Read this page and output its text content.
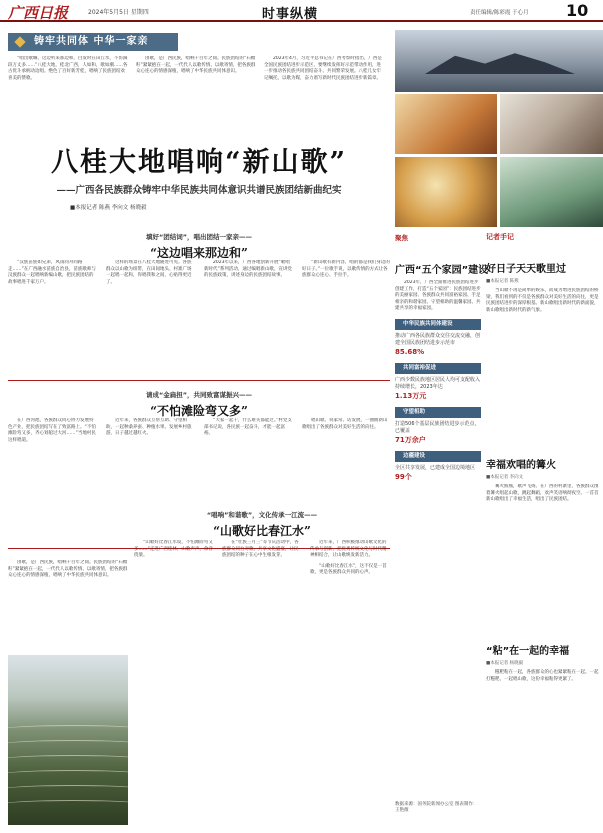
广西日报	2024年5月5日 星期四	时事纵横	责任编辑/陈彩霞 于心月 10
铸牢共同体 中华一家亲

“唱出歌嘛，这边听来那边和，白发时在田丘水，不仿滴段万丈多……”八桂大地，桂北广西，人如和，歌如潮……各古优斗承柄动边唱。绝色了百好新芳桂，唱响了民族团结欢喜美的赞歌。

由歌，是广西民族，唱响千百年之间。民族团结的“石榴籽”紧紧抱在一起，一代代人以歌传情、以歌寄情，把各族群众心连心的情感深植，唱响了中华民族共同体意识。

2023年4月，习近平总书记在广西考察时指出，广西是全国民族团结进步示范区，要继续发挥好示范带动作用，进一步推动各民族共同团结奋斗、共同繁荣发展。八桂儿女牢记嘱托，以歌为媒，奋力谱写新时代民族团结进步新篇章。

八桂大地唱响“新山歌”
——广西各民族群众铸牢中华民族共同体意识共谱民族团结新曲纪实
■本报记者 陈燕 李向文 杨晓毅
填好“团结词”，唱出团结一家亲——
“这边唱来那边和”

“汉族苗族如兄弟，风雨同舟同路走……”在广西融水苗族自治县，苗族歌师与汉族群众一起唱响新编山歌，把民族团结的故事唱进千家万户。

这样的场景在八桂大地随处可见。各族群众以山歌为纽带，在田间地头、村寨广场一起唱一起和，你唱我和之间，心贴得更近了。

2023年以来，广西各地创新开展“歌唱新时代”系列活动，通过编唱新山歌，宣讲党的民族政策，讲述身边的民族团结故事。

“新山歌有新内容，唱的都是我们身边的好日子。”一位歌手说，以歌传情的方式让各族群众心连心、手拉手。

请成“金扁担”，共同致富谋振兴——
“不怕滩险弯又多”

在广西河池，各族群众同心协力发展特色产业，把民族团结写在了致富路上。“不怕滩险弯又多，齐心划船过大河……”当地村民这样唱道。

近年来，各族群众互帮互助、守望相助，一起种桑养蚕、种植水果、发展乡村旅游，日子越过越红火。

“大家一起干，什么难关都能过。”村党支部书记说，各民族一起奋斗，才能一起富裕。

唱山歌、说家常、话发展，一曲曲新山歌唱出了各族群众对美好生活的向往。

“唱响”和谐歌”，文化传承一江流——
“山歌好比春江水”

“山歌好比春江水哎，不怕滩险弯又多……”走进广西桂林，山歌声声，余音绕梁。

在“壮族三月三”等节庆活动中，各族群众同台对歌，共享文化盛宴，让民族团结的种子在心中生根发芽。

近年来，广西积极推动山歌文化的传承与创新，把优秀传统文化与时代精神相结合，让山歌焕发新活力。

“山歌好比春江水”，这不仅是一首歌，更是各族群众共同的心声。

由歌，是广西民族，唱响千百年之间。民族团结的“石榴籽”紧紧抱在一起，一代代人以歌传情、以歌寄情，把各族群众心连心的情感深植，唱响了中华民族共同体意识。

聚焦
广西“五个家园”建设

2023年，广西全面推进民族团结进步创建工作，打造“五个家园”：民族团结进步的美丽家园、各族群众共同富裕家园、手足相亲的和谐家园、守望相助的温馨家园、共建共享的幸福家园。

中华民族共同体建设

推动广西各民族群众交往交流交融，创建全国民族团结进步示范市

85.68%

共同富裕促进

广西少数民族地区居民人均可支配收入持续增长，2023年达

1.13万元

守望相助

打造506个基层民族团结进步示范点，已覆盖

71万余户

边疆建设

全区共享发展，已建成全国边境地区

99个

数据来源：国务院新闻办公室 图表制作：王艳薇
记者手记
好日子天天歌里过
■本报记者 陈燕

当山歌不再是简单的娱乐，而成为增进民族团结的桥梁，我们看到的不仅是各族群众对美好生活的向往，更是民族团结进步的深厚根基。新山歌唱出新时代的新面貌，新山歌唱出新时代的新气象。

幸福欢唱的篝火
■本报记者 李向文

篝火熊熊，歌声飞扬。在广西的村寨里，各族群众围着篝火唱起山歌，跳起舞蹈，欢声笑语响彻夜空。一首首新山歌唱出了幸福生活，唱出了民族团结。

“粘”在一起的幸福
■本报记者 杨晓毅

糍粑粘在一起，各族群众的心也紧紧粘在一起。一起打糍粑、一起唱山歌，这份幸福粘得更紧了。
